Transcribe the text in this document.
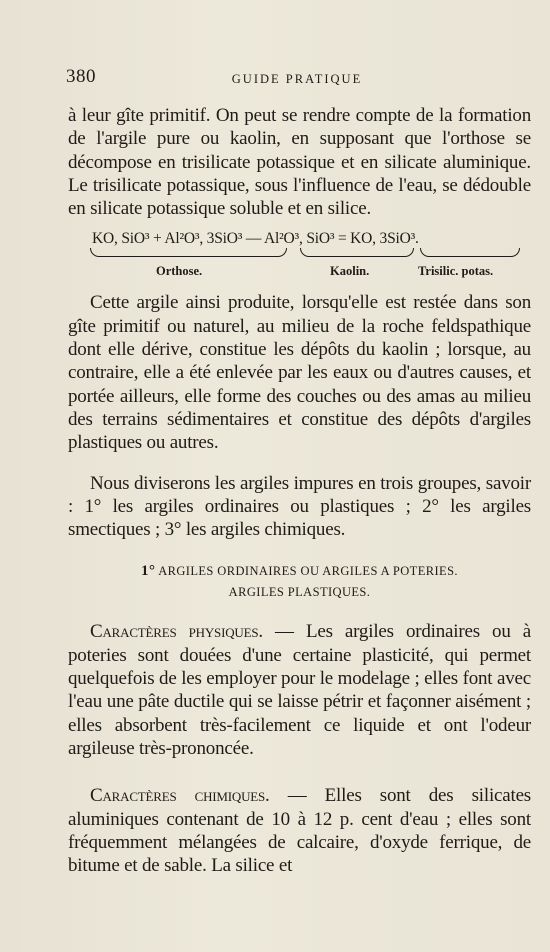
380	GUIDE PRATIQUE

à leur gîte primitif. On peut se rendre compte de la formation de l'argile pure ou kaolin, en supposant que l'orthose se décompose en trisilicate potassique et en silicate aluminique. Le trisilicate potassique, sous l'influence de l'eau, se dédouble en silicate potassique soluble et en silice.

KO, SiO³ + Al²O³, 3SiO³ — Al²O³, SiO³ = KO, 3SiO³.
Orthose.	Kaolin.	Trisilic. potas.

Cette argile ainsi produite, lorsqu'elle est restée dans son gîte primitif ou naturel, au milieu de la roche feldspathique dont elle dérive, constitue les dépôts du kaolin ; lorsque, au contraire, elle a été enlevée par les eaux ou d'autres causes, et portée ailleurs, elle forme des couches ou des amas au milieu des terrains sédimentaires et constitue des dépôts d'argiles plastiques ou autres.

Nous diviserons les argiles impures en trois groupes, savoir : 1° les argiles ordinaires ou plastiques ; 2° les argiles smectiques ; 3° les argiles chimiques.

1° ARGILES ORDINAIRES OU ARGILES A POTERIES.
ARGILES PLASTIQUES.

Caractères physiques. — Les argiles ordinaires ou à poteries sont douées d'une certaine plasticité, qui permet quelquefois de les employer pour le modelage ; elles font avec l'eau une pâte ductile qui se laisse pétrir et façonner aisément ; elles absorbent très-facilement ce liquide et ont l'odeur argileuse très-prononcée.

Caractères chimiques. — Elles sont des silicates aluminiques contenant de 10 à 12 p. cent d'eau ; elles sont fréquemment mélangées de calcaire, d'oxyde ferrique, de bitume et de sable. La silice et
